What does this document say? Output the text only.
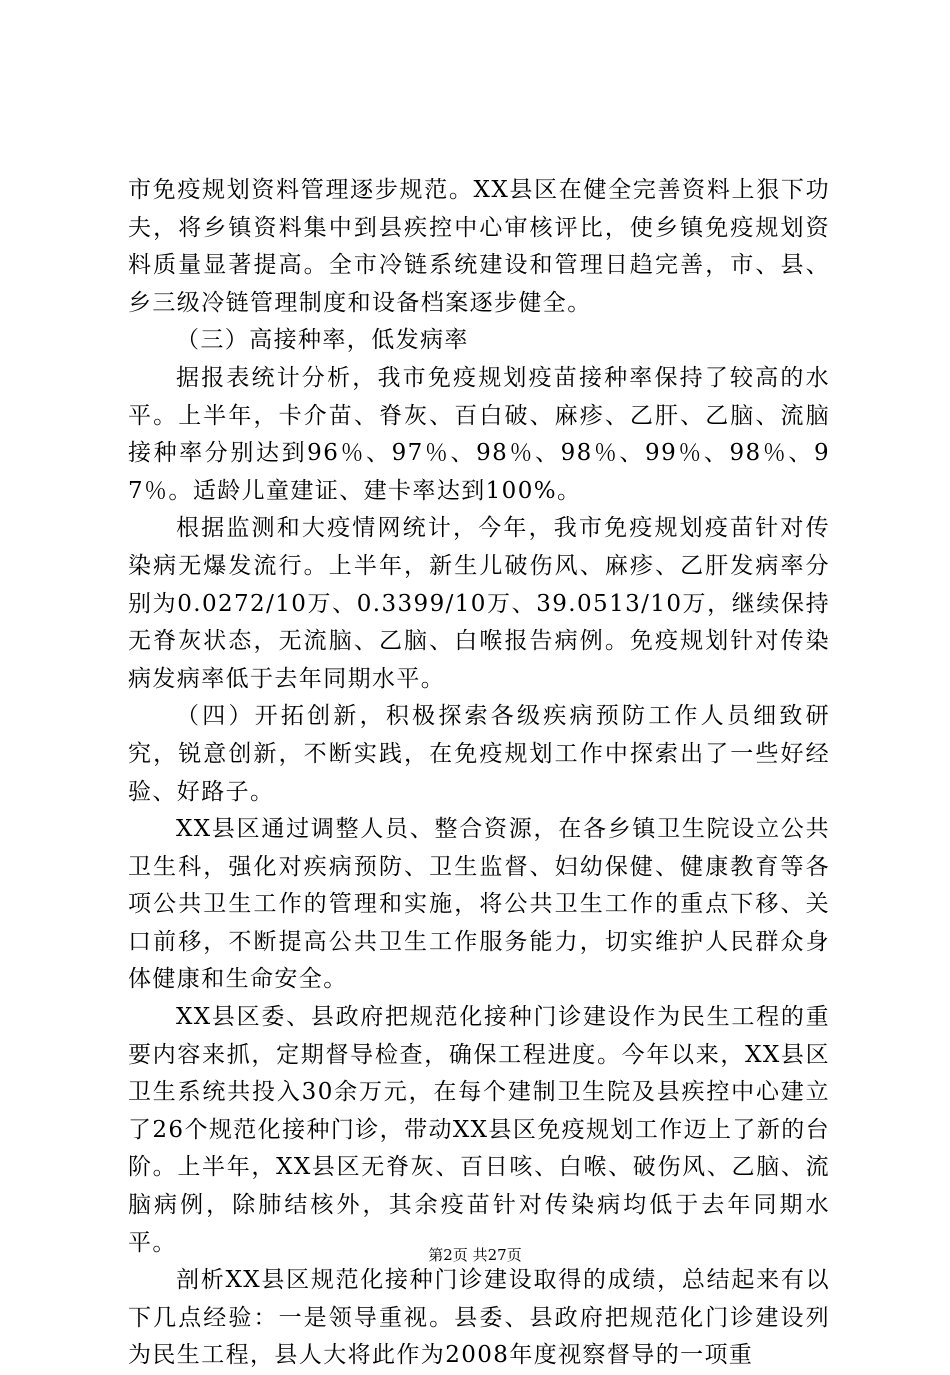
市免疫规划资料管理逐步规范。XX县区在健全完善资料上狠下功夫，将乡镇资料集中到县疾控中心审核评比，使乡镇免疫规划资料质量显著提高。全市冷链系统建设和管理日趋完善，市、县、乡三级冷链管理制度和设备档案逐步健全。

（三）高接种率，低发病率

据报表统计分析，我市免疫规划疫苗接种率保持了较高的水平。上半年，卡介苗、脊灰、百白破、麻疹、乙肝、乙脑、流脑接种率分别达到96％、97％、98％、98％、99％、98％、97％。适龄儿童建证、建卡率达到100%。

根据监测和大疫情网统计，今年，我市免疫规划疫苗针对传染病无爆发流行。上半年，新生儿破伤风、麻疹、乙肝发病率分别为0.0272/10万、0.3399/10万、39.0513/10万，继续保持无脊灰状态，无流脑、乙脑、白喉报告病例。免疫规划针对传染病发病率低于去年同期水平。

（四）开拓创新，积极探索各级疾病预防工作人员细致研究，锐意创新，不断实践，在免疫规划工作中探索出了一些好经验、好路子。

XX县区通过调整人员、整合资源，在各乡镇卫生院设立公共卫生科，强化对疾病预防、卫生监督、妇幼保健、健康教育等各项公共卫生工作的管理和实施，将公共卫生工作的重点下移、关口前移，不断提高公共卫生工作服务能力，切实维护人民群众身体健康和生命安全。

XX县区委、县政府把规范化接种门诊建设作为民生工程的重要内容来抓，定期督导检查，确保工程进度。今年以来，XX县区卫生系统共投入30余万元，在每个建制卫生院及县疾控中心建立了26个规范化接种门诊，带动XX县区免疫规划工作迈上了新的台阶。上半年，XX县区无脊灰、百日咳、白喉、破伤风、乙脑、流脑病例，除肺结核外，其余疫苗针对传染病均低于去年同期水平。

剖析XX县区规范化接种门诊建设取得的成绩，总结起来有以下几点经验：一是领导重视。县委、县政府把规范化门诊建设列为民生工程，县人大将此作为2008年度视察督导的一项重

第2页 共27页
